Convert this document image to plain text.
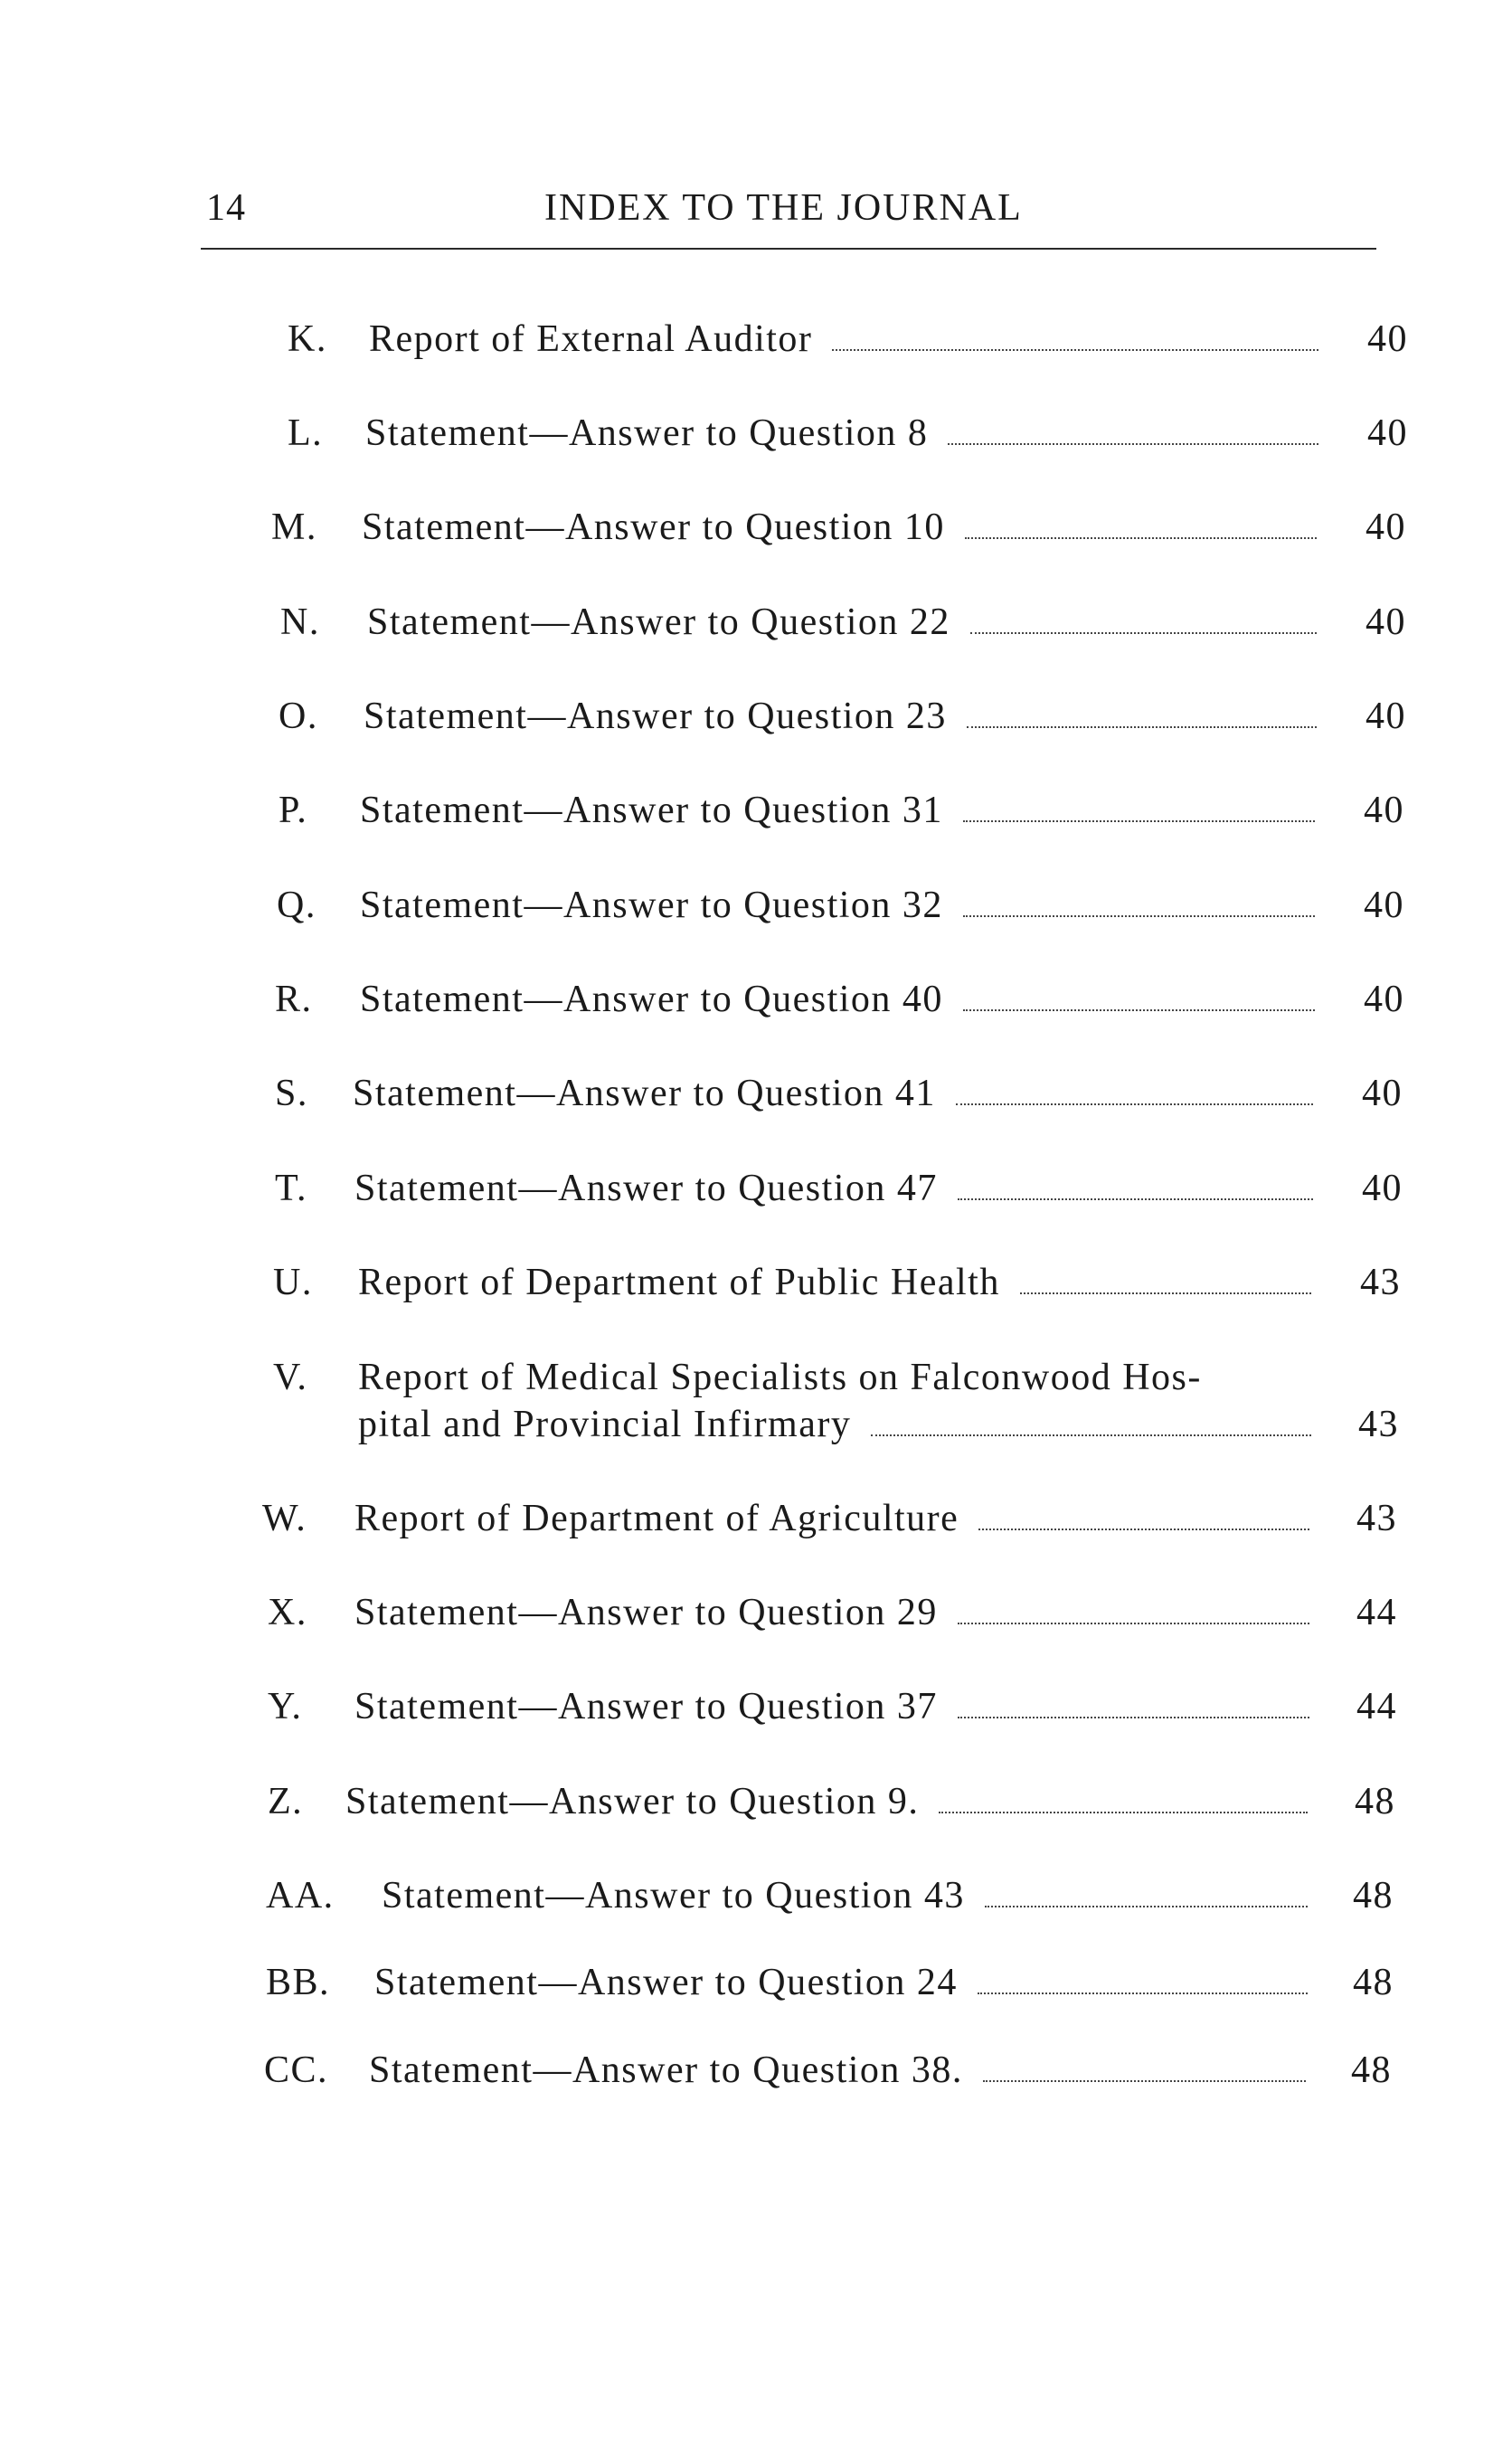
14	INDEX TO THE JOURNAL
K. Report of External Auditor	40
L. Statement—Answer to Question 8	40
M. Statement—Answer to Question 10	40
N. Statement—Answer to Question 22	40
O. Statement—Answer to Question 23	40
P. Statement—Answer to Question 31	40
Q. Statement—Answer to Question 32	40
R. Statement—Answer to Question 40	40
S. Statement—Answer to Question 41	40
T. Statement—Answer to Question 47	40
U. Report of Department of Public Health	43
V. Report of Medical Specialists on Falconwood Hos-
pital and Provincial Infirmary	43
W. Report of Department of Agriculture	43
X. Statement—Answer to Question 29	44
Y. Statement—Answer to Question 37	44
Z. Statement—Answer to Question 9.	48
AA. Statement—Answer to Question 43	48
BB. Statement—Answer to Question 24	48
CC. Statement—Answer to Question 38.	48
